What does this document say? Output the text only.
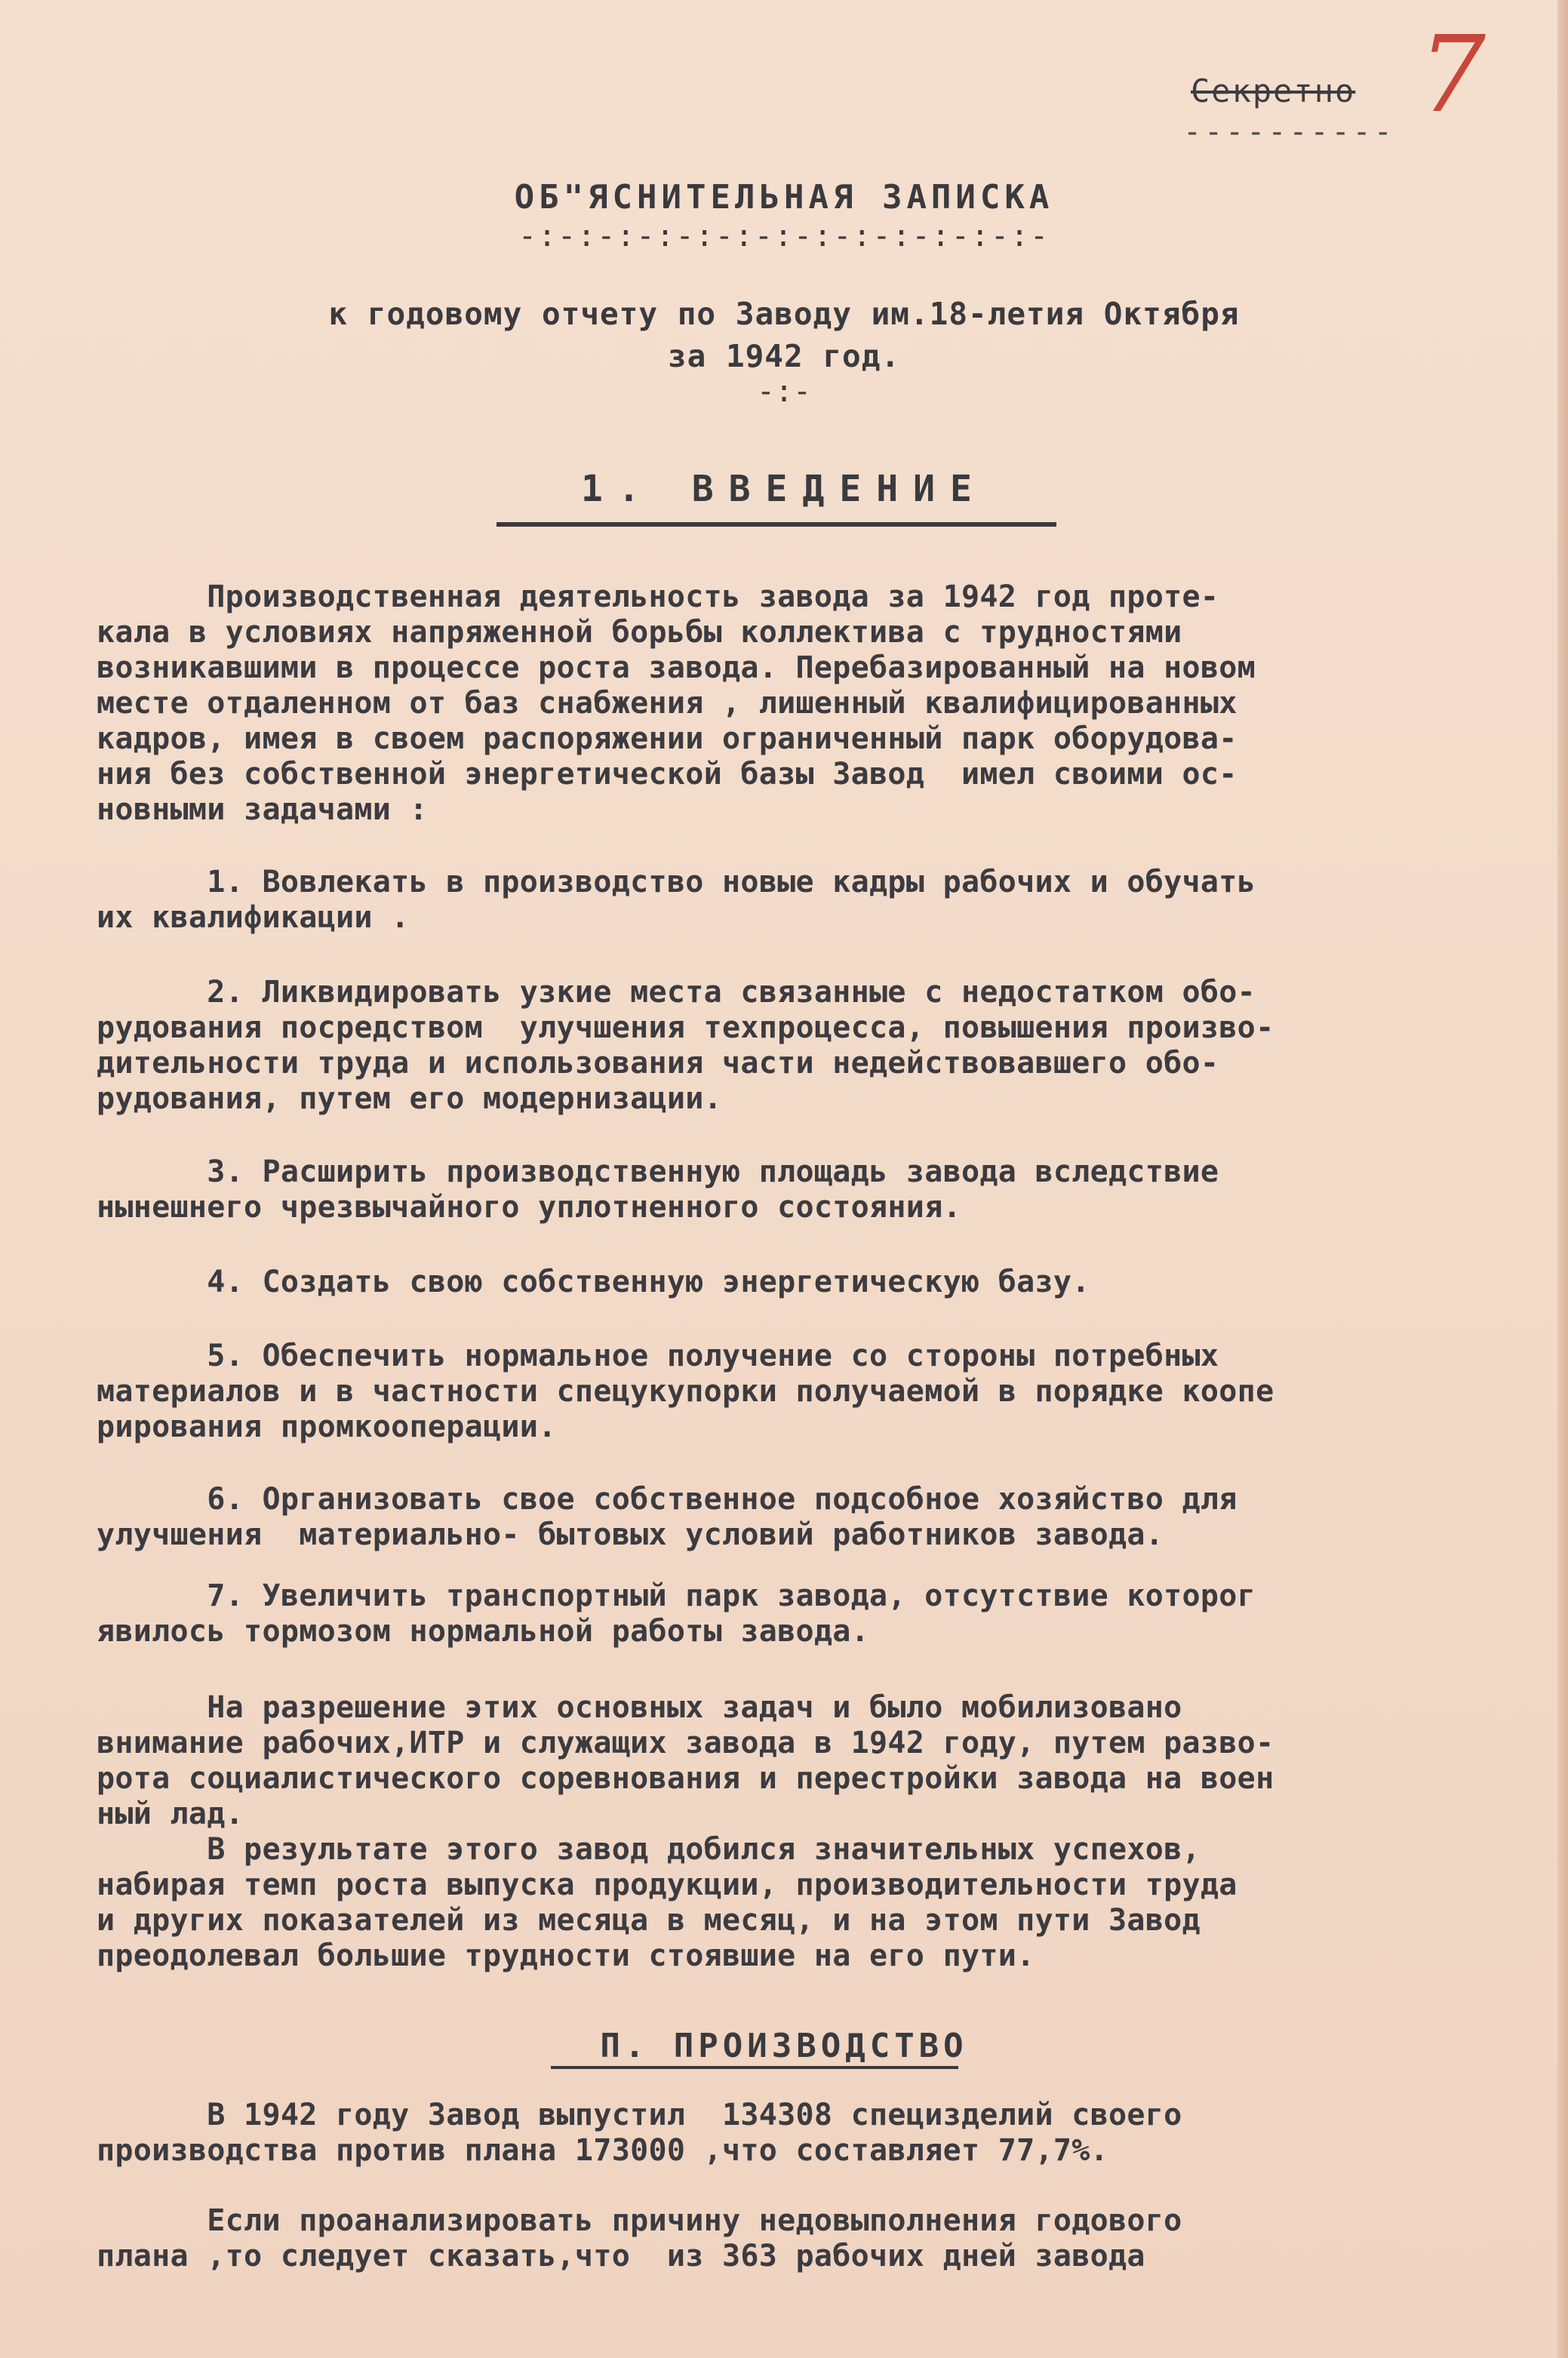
Секретно
---------- 7
ОБ"ЯСНИТЕЛЬНАЯ ЗАПИСКА
-:-:-:-:-:-:-:-:-:-:-:-:-:-
к годовому отчету по Заводу им.18-летия Октября
за 1942 год.
-:-
1. ВВЕДЕНИЕ
Производственная деятельность завода за 1942 год проте-
кала в условиях напряженной борьбы коллектива с трудностями
возникавшими в процессе роста завода. Перебазированный на новом
месте отдаленном от баз снабжения , лишенный квалифицированных
кадров, имея в своем распоряжении ограниченный парк оборудова-
ния без собственной энергетической базы Завод  имел своими ос-
новными задачами :
1. Вовлекать в производство новые кадры рабочих и обучать
их квалификации .
2. Ликвидировать узкие места связанные с недостатком обо-
рудования посредством  улучшения техпроцесса, повышения произво-
дительности труда и использования части недействовавшего обо-
рудования, путем его модернизации.
3. Расширить производственную площадь завода вследствие
нынешнего чрезвычайного уплотненного состояния.
4. Создать свою собственную энергетическую базу.
5. Обеспечить нормальное получение со стороны потребных
материалов и в частности спецукупорки получаемой в порядке коопе
рирования промкооперации.
6. Организовать свое собственное подсобное хозяйство для
улучшения  материально- бытовых условий работников завода.
7. Увеличить транспортный парк завода, отсутствие которог
явилось тормозом нормальной работы завода.
На разрешение этих основных задач и было мобилизовано
внимание рабочих,ИТР и служащих завода в 1942 году, путем разво-
рота социалистического соревнования и перестройки завода на воен
ный лад.
В результате этого завод добился значительных успехов,
набирая темп роста выпуска продукции, производительности труда
и других показателей из месяца в месяц, и на этом пути Завод
преодолевал большие трудности стоявшие на его пути.
П. ПРОИЗВОДСТВО
В 1942 году Завод выпустил  134308 специзделий своего
производства против плана 173000 ,что составляет 77,7%.
Если проанализировать причину недовыполнения годового
плана ,то следует сказать,что  из 363 рабочих дней завода
